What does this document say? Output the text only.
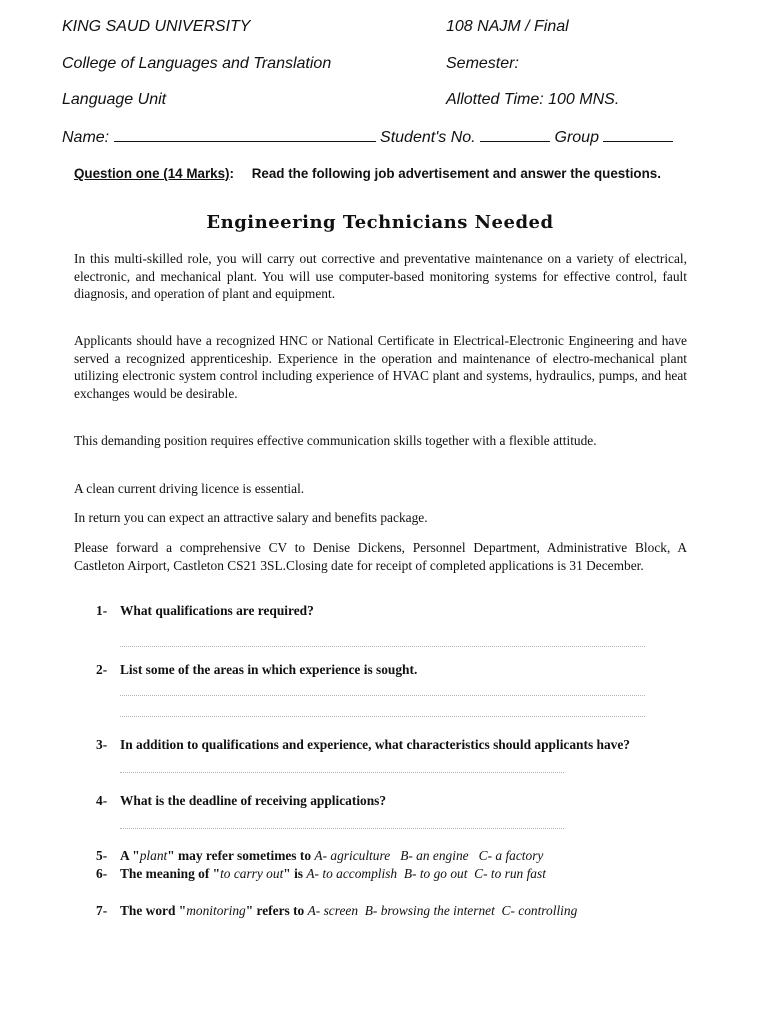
KING SAUD UNIVERSITY	108 NAJM / Final
College of Languages and Translation	Semester:
Language Unit	Allotted Time: 100 MNS.
Name:	Student's No.	Group
Question one (14 Marks): Read the following job advertisement and answer the questions.
Engineering Technicians Needed
In this multi-skilled role, you will carry out corrective and preventative maintenance on a variety of electrical, electronic, and mechanical plant. You will use computer-based monitoring systems for effective control, fault diagnosis, and operation of plant and equipment.
Applicants should have a recognized HNC or National Certificate in Electrical-Electronic Engineering and have served a recognized apprenticeship. Experience in the operation and maintenance of electro-mechanical plant utilizing electronic system control including experience of HVAC plant and systems, hydraulics, pumps, and heat exchanges would be desirable.
This demanding position requires effective communication skills together with a flexible attitude.
A clean current driving licence is essential.
In return you can expect an attractive salary and benefits package.
Please forward a comprehensive CV to Denise Dickens, Personnel Department, Administrative Block, A Castleton Airport, Castleton CS21 3SL.Closing date for receipt of completed applications is 31 December.
1- What qualifications are required?
2- List some of the areas in which experience is sought.
3- In addition to qualifications and experience, what characteristics should applicants have?
4- What is the deadline of receiving applications?
5- A "plant" may refer sometimes to A- agriculture B- an engine C- a factory
6- The meaning of "to carry out" is A- to accomplish B- to go out C- to run fast
7- The word "monitoring" refers to A- screen B- browsing the internet C- controlling
